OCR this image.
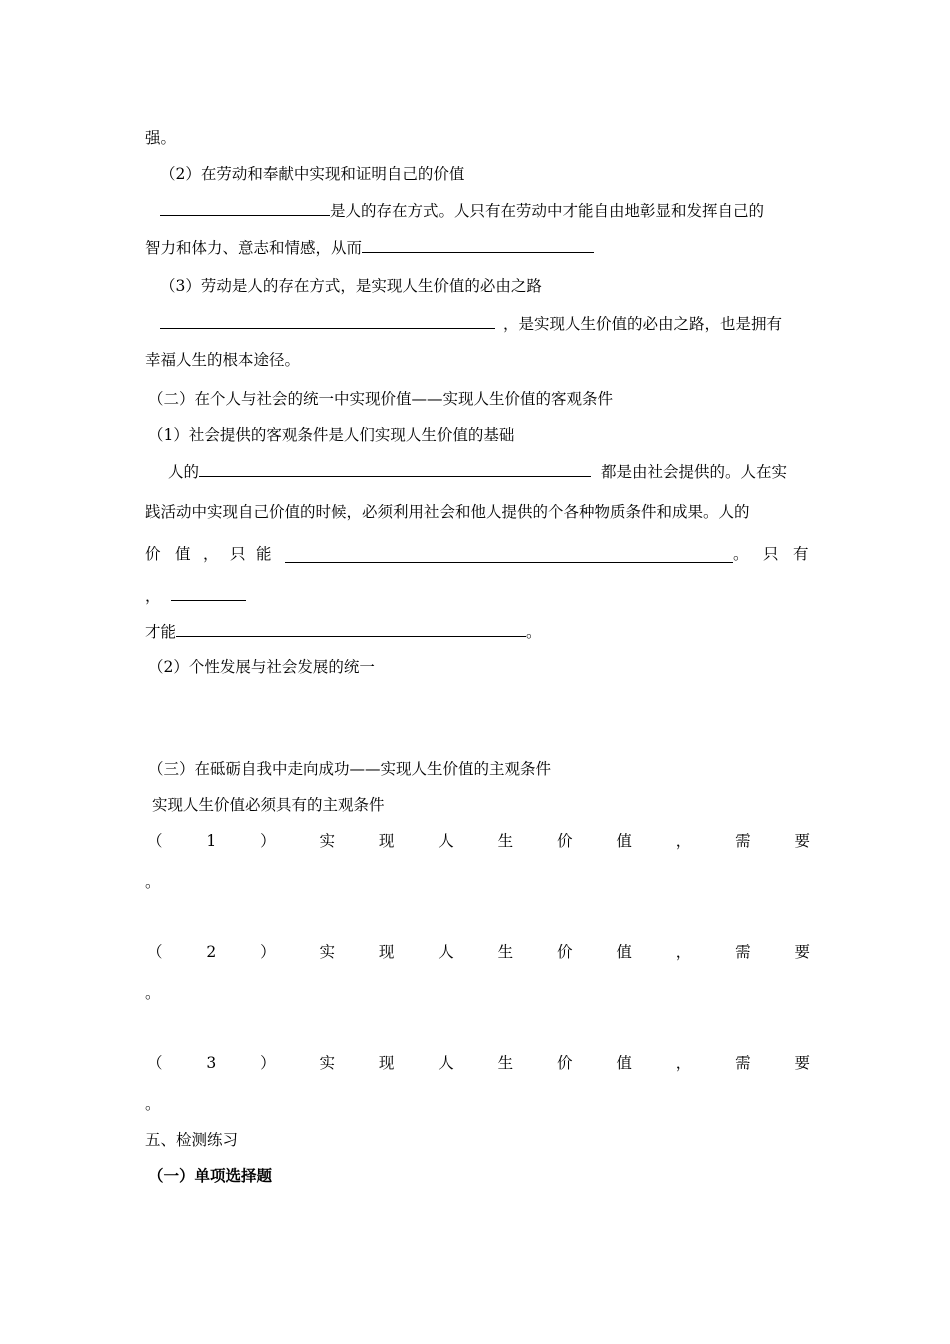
强。
（2）在劳动和奉献中实现和证明自己的价值
是人的存在方式。人只有在劳动中才能自由地彰显和发挥自己的
智力和体力、意志和情感，从而
（3）劳动是人的存在方式，是实现人生价值的必由之路
，是实现人生价值的必由之路，也是拥有
幸福人生的根本途径。
（二）在个人与社会的统一中实现价值——实现人生价值的客观条件
（1）社会提供的客观条件是人们实现人生价值的基础
人的	都是由社会提供的。人在实
践活动中实现自己价值的时候，必须利用社会和他人提供的个各种物质条件和成果。人的
价 值 ， 只 能	。 只 有
，
才能	。
（2）个性发展与社会发展的统一
（三）在砥砺自我中走向成功——实现人生价值的主观条件
实现人生价值必须具有的主观条件
（	1	）	实	现	人	生	价	值	，	需	要
。
（	2	）	实	现	人	生	价	值	，	需	要
。
（	3	）	实	现	人	生	价	值	，	需	要
。
五、检测练习
（一）单项选择题
